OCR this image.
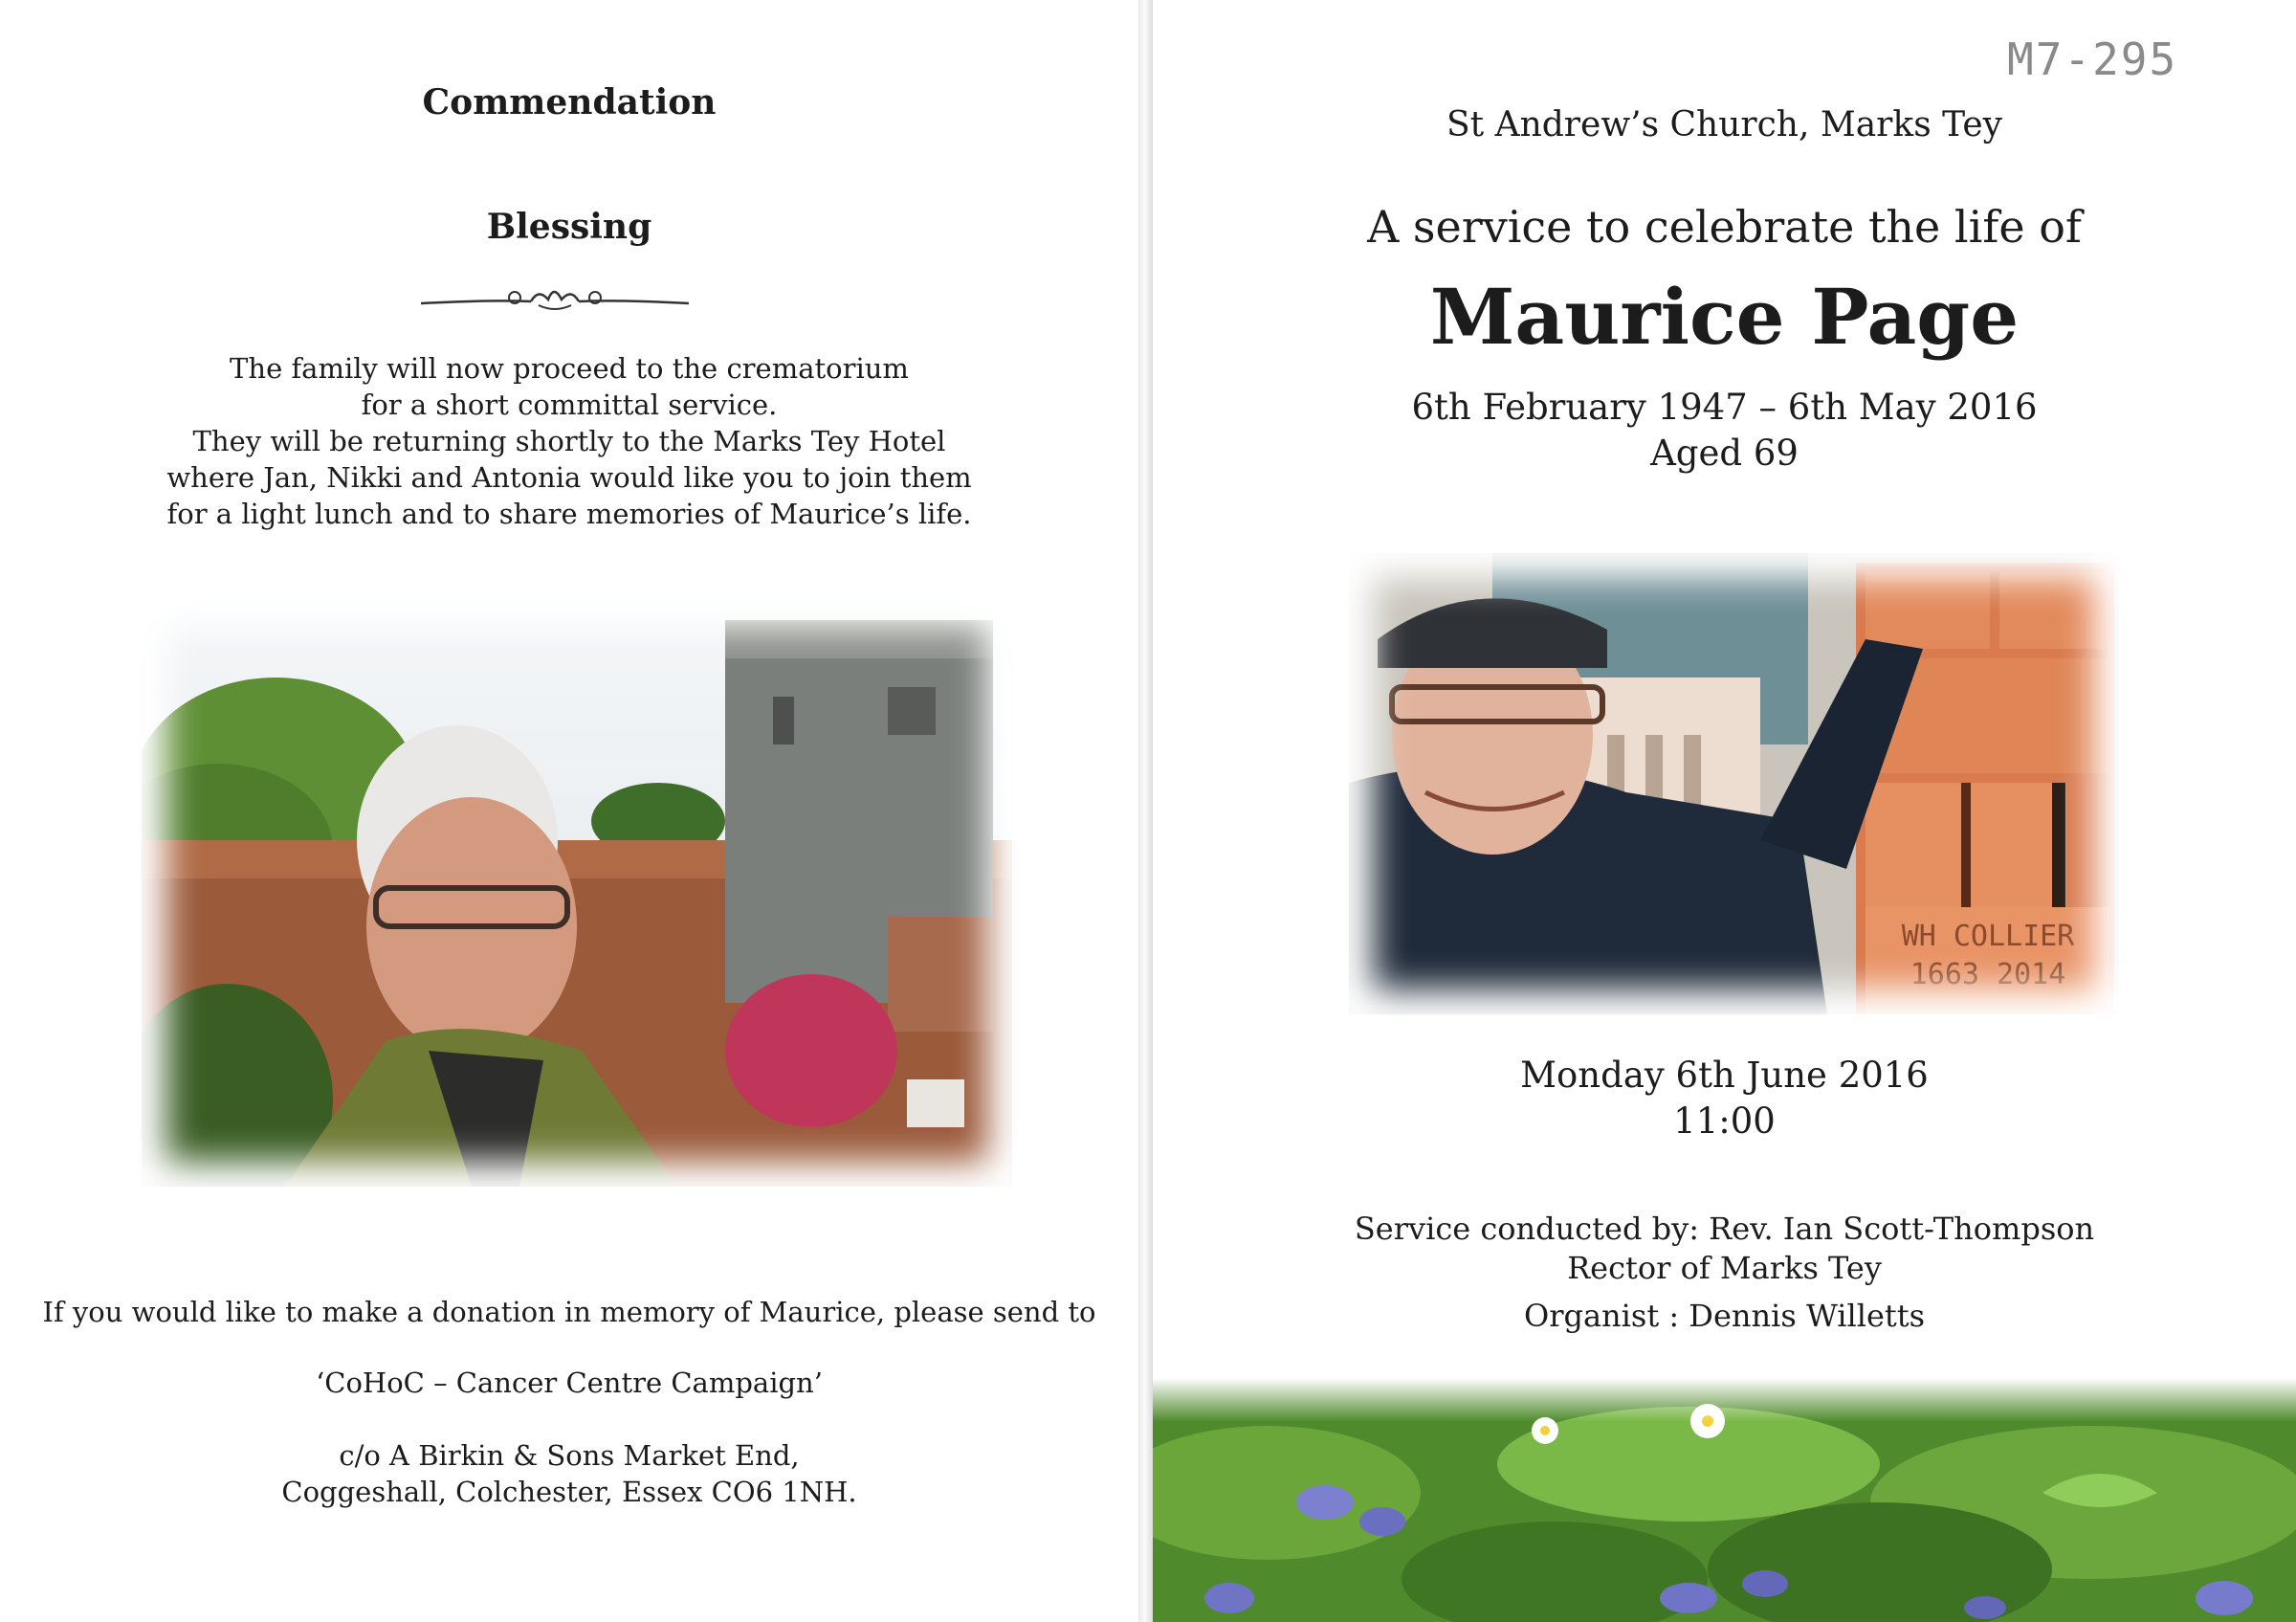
Commendation
Blessing
The family will now proceed to the crematorium
for a short committal service.
They will be returning shortly to the Marks Tey Hotel
where Jan, Nikki and Antonia would like you to join them
for a light lunch and to share memories of Maurice’s life.
If you would like to make a donation in memory of Maurice, please send to
‘CoHoC – Cancer Centre Campaign’
c/o A Birkin & Sons Market End,
Coggeshall, Colchester, Essex CO6 1NH.
St Andrew’s Church, Marks Tey
A service to celebrate the life of
Maurice Page
6th February 1947 – 6th May 2016
Aged 69
Monday 6th June 2016
11:00
Service conducted by: Rev. Ian Scott-Thompson
Rector of Marks Tey
Organist : Dennis Willetts
WH COLLIER
1663 2014
M7-295
